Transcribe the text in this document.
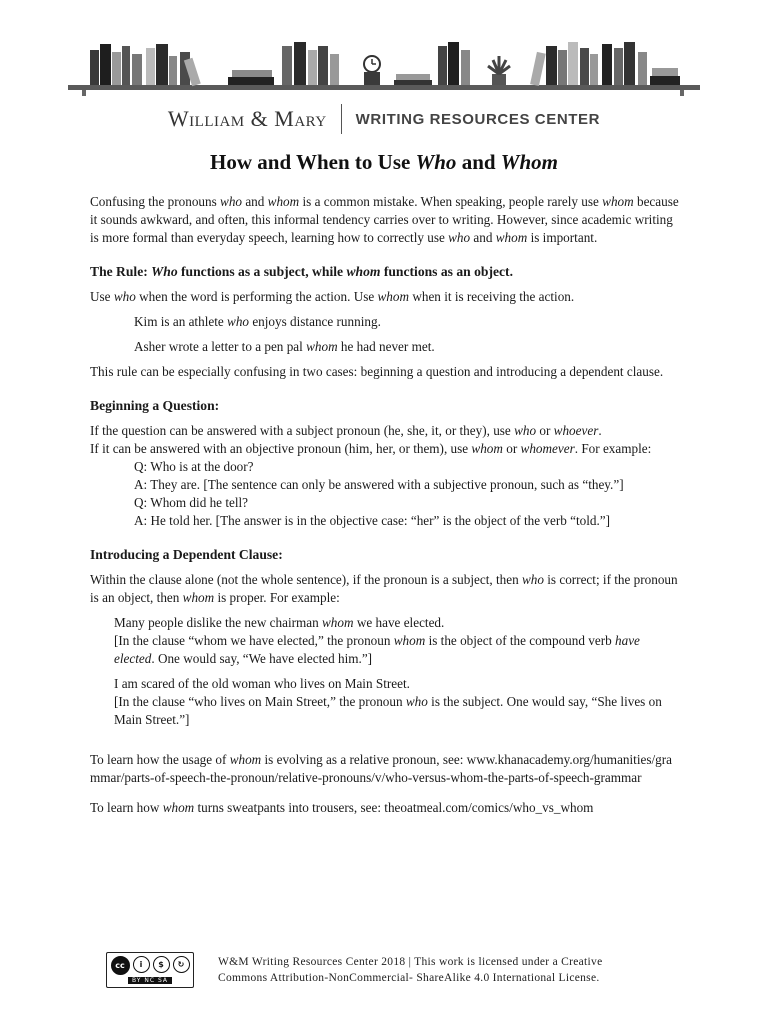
William & Mary WRITING RESOURCES CENTER
How and When to Use Who and Whom

Confusing the pronouns who and whom is a common mistake. When speaking, people rarely use whom because it sounds awkward, and often, this informal tendency carries over to writing. However, since academic writing is more formal than everyday speech, learning how to correctly use who and whom is important.

The Rule: Who functions as a subject, while whom functions as an object.

Use who when the word is performing the action. Use whom when it is receiving the action.

Kim is an athlete who enjoys distance running.

Asher wrote a letter to a pen pal whom he had never met.

This rule can be especially confusing in two cases: beginning a question and introducing a dependent clause.

Beginning a Question:

If the question can be answered with a subject pronoun (he, she, it, or they), use who or whoever.

If it can be answered with an objective pronoun (him, her, or them), use whom or whomever. For example:

Q: Who is at the door?

A: They are. [The sentence can only be answered with a subjective pronoun, such as “they.”]

Q: Whom did he tell?

A: He told her. [The answer is in the objective case: “her” is the object of the verb “told.”]

Introducing a Dependent Clause:

Within the clause alone (not the whole sentence), if the pronoun is a subject, then who is correct; if the pronoun is an object, then whom is proper. For example:

Many people dislike the new chairman whom we have elected.

[In the clause “whom we have elected,” the pronoun whom is the object of the compound verb have elected. One would say, “We have elected him.”]

I am scared of the old woman who lives on Main Street.

[In the clause “who lives on Main Street,” the pronoun who is the subject. One would say, “She lives on Main Street.”]

To learn how the usage of whom is evolving as a relative pronoun, see: www.khanacademy.org/humanities/grammar/parts-of-speech-the-pronoun/relative-pronouns/v/who-versus-whom-the-parts-of-speech-grammar

To learn how whom turns sweatpants into trousers, see: theoatmeal.com/comics/who_vs_whom

cc	i	$	↻
BY NC SA
W&M Writing Resources Center 2018 | This work is licensed under a Creative
Commons Attribution-NonCommercial- ShareAlike 4.0 International License.
